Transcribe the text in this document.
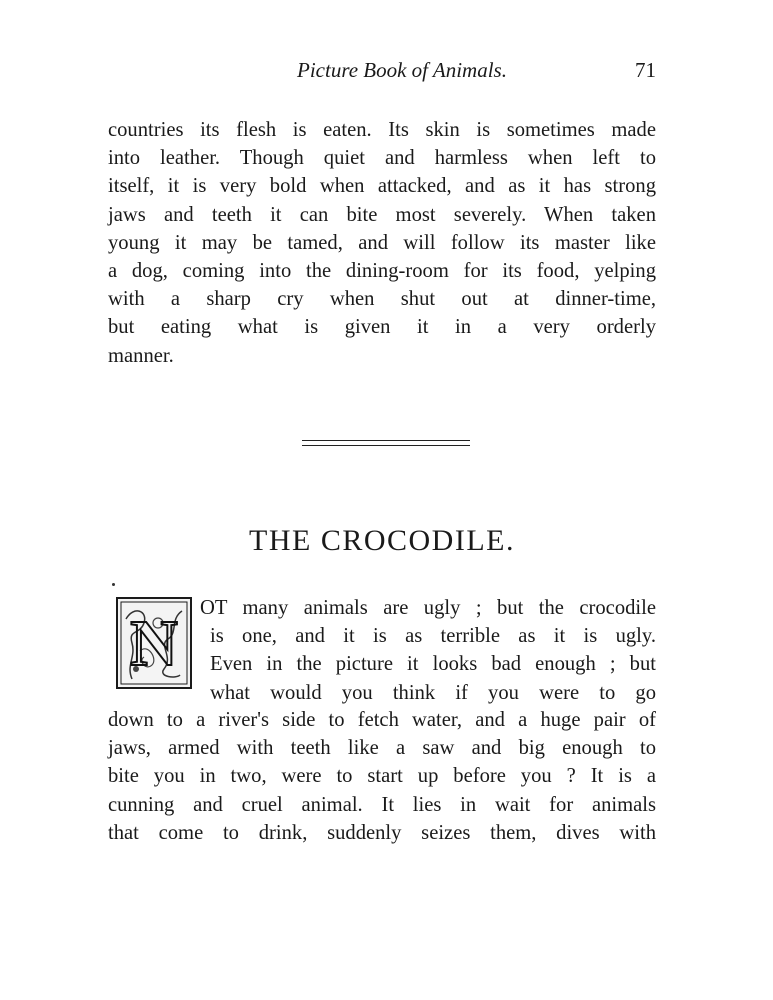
Picture Book of Animals.	71
countries its flesh is eaten. Its skin is sometimes made
into leather. Though quiet and harmless when left to
itself, it is very bold when attacked, and as it has strong
jaws and teeth it can bite most severely. When taken
young it may be tamed, and will follow its master like
a dog, coming into the dining-room for its food, yelping
with a sharp cry when shut out at dinner-time,
but eating what is given it in a very orderly
manner.
THE CROCODILE.
N OT many animals are ugly ; but the crocodile
is one, and it is as terrible as it is ugly.
Even in the picture it looks bad enough ; but
what would you think if you were to go
down to a river's side to fetch water, and a huge pair of
jaws, armed with teeth like a saw and big enough to
bite you in two, were to start up before you ? It is a
cunning and cruel animal. It lies in wait for animals
that come to drink, suddenly seizes them, dives with
